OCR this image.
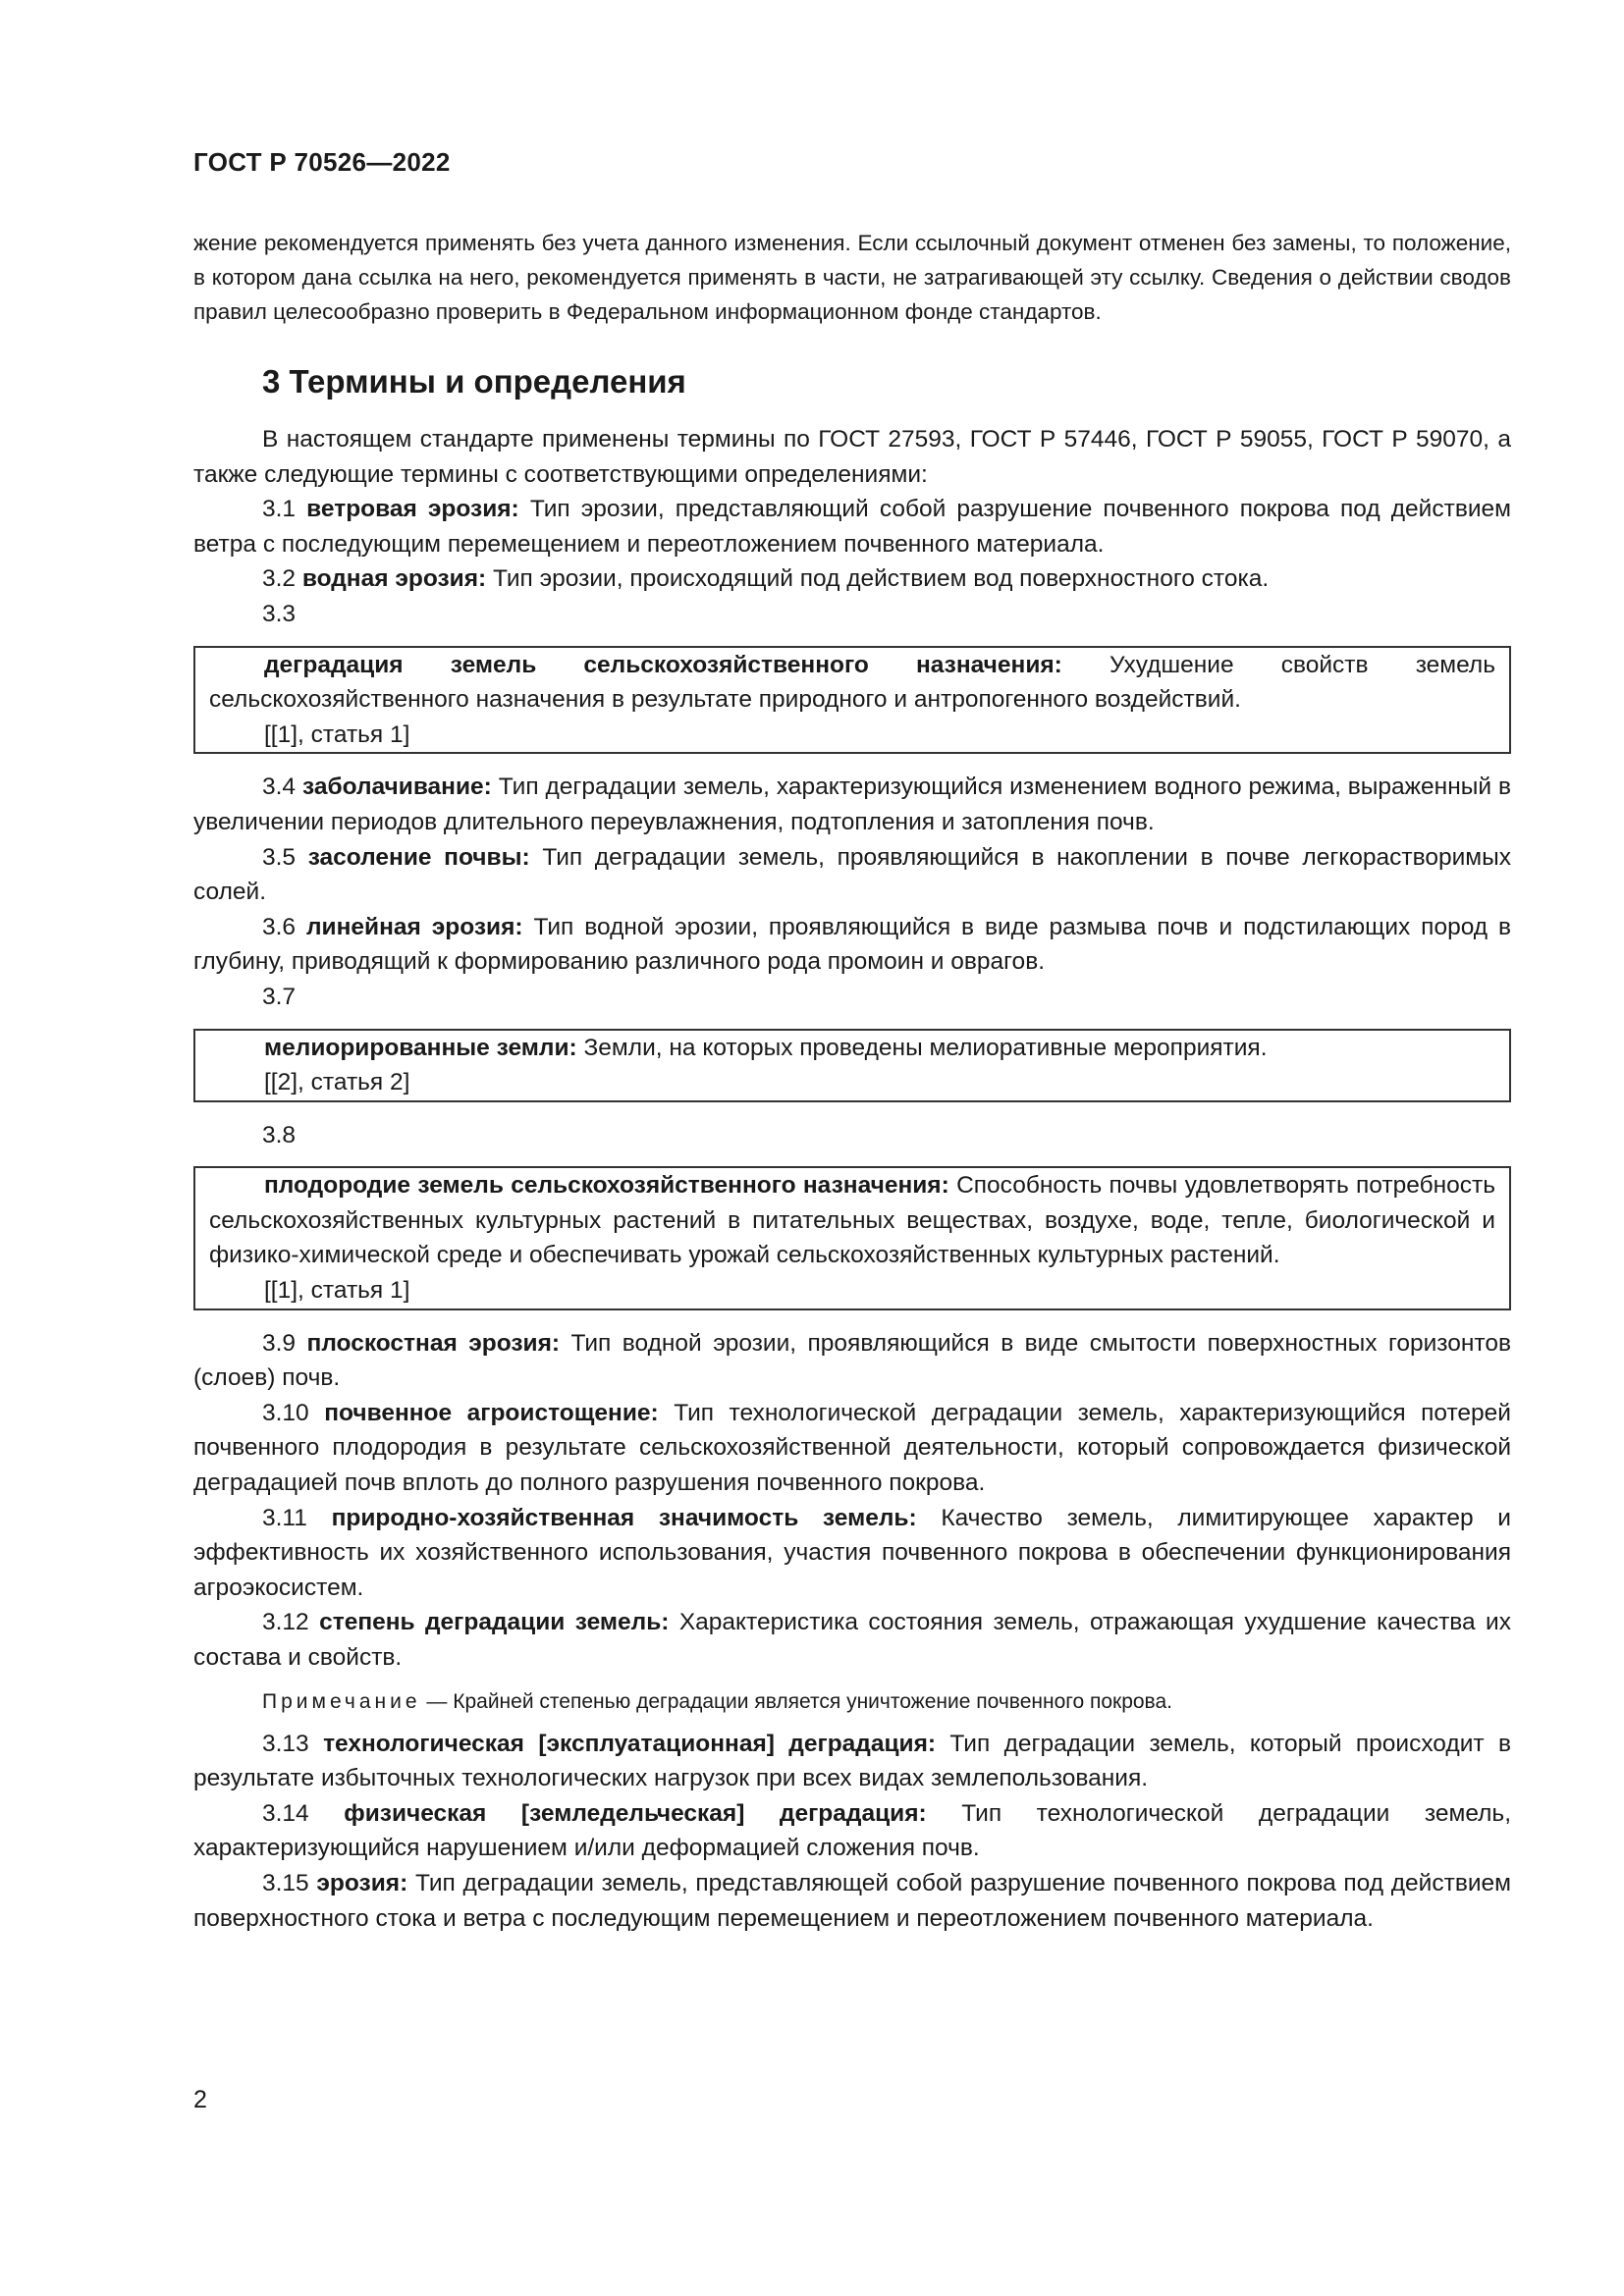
ГОСТ Р 70526—2022
жение рекомендуется применять без учета данного изменения. Если ссылочный документ отменен без замены, то положение, в котором дана ссылка на него, рекомендуется применять в части, не затрагивающей эту ссылку. Сведения о действии сводов правил целесообразно проверить в Федеральном информационном фонде стандартов.
3 Термины и определения

В настоящем стандарте применены термины по ГОСТ 27593, ГОСТ Р 57446, ГОСТ Р 59055, ГОСТ Р 59070, а также следующие термины с соответствующими определениями:

3.1 ветровая эрозия: Тип эрозии, представляющий собой разрушение почвенного покрова под действием ветра с последующим перемещением и переотложением почвенного материала.

3.2 водная эрозия: Тип эрозии, происходящий под действием вод поверхностного стока.

3.3

деградация земель сельскохозяйственного назначения: Ухудшение свойств земель сельскохозяйственного назначения в результате природного и антропогенного воздействий.

[[1], статья 1]

3.4 заболачивание: Тип деградации земель, характеризующийся изменением водного режима, выраженный в увеличении периодов длительного переувлажнения, подтопления и затопления почв.

3.5 засоление почвы: Тип деградации земель, проявляющийся в накоплении в почве легкорастворимых солей.

3.6 линейная эрозия: Тип водной эрозии, проявляющийся в виде размыва почв и подстилающих пород в глубину, приводящий к формированию различного рода промоин и оврагов.

3.7

мелиорированные земли: Земли, на которых проведены мелиоративные мероприятия.

[[2], статья 2]

3.8

плодородие земель сельскохозяйственного назначения: Способность почвы удовлетворять потребность сельскохозяйственных культурных растений в питательных веществах, воздухе, воде, тепле, биологической и физико-химической среде и обеспечивать урожай сельскохозяйственных культурных растений.

[[1], статья 1]

3.9 плоскостная эрозия: Тип водной эрозии, проявляющийся в виде смытости поверхностных горизонтов (слоев) почв.

3.10 почвенное агроистощение: Тип технологической деградации земель, характеризующийся потерей почвенного плодородия в результате сельскохозяйственной деятельности, который сопровождается физической деградацией почв вплоть до полного разрушения почвенного покрова.

3.11 природно-хозяйственная значимость земель: Качество земель, лимитирующее характер и эффективность их хозяйственного использования, участия почвенного покрова в обеспечении функционирования агроэкосистем.

3.12 степень деградации земель: Характеристика состояния земель, отражающая ухудшение качества их состава и свойств.

Примечание — Крайней степенью деградации является уничтожение почвенного покрова.

3.13 технологическая [эксплуатационная] деградация: Тип деградации земель, который происходит в результате избыточных технологических нагрузок при всех видах землепользования.

3.14 физическая [земледельческая] деградация: Тип технологической деградации земель, характеризующийся нарушением и/или деформацией сложения почв.

3.15 эрозия: Тип деградации земель, представляющей собой разрушение почвенного покрова под действием поверхностного стока и ветра с последующим перемещением и переотложением почвенного материала.

2
